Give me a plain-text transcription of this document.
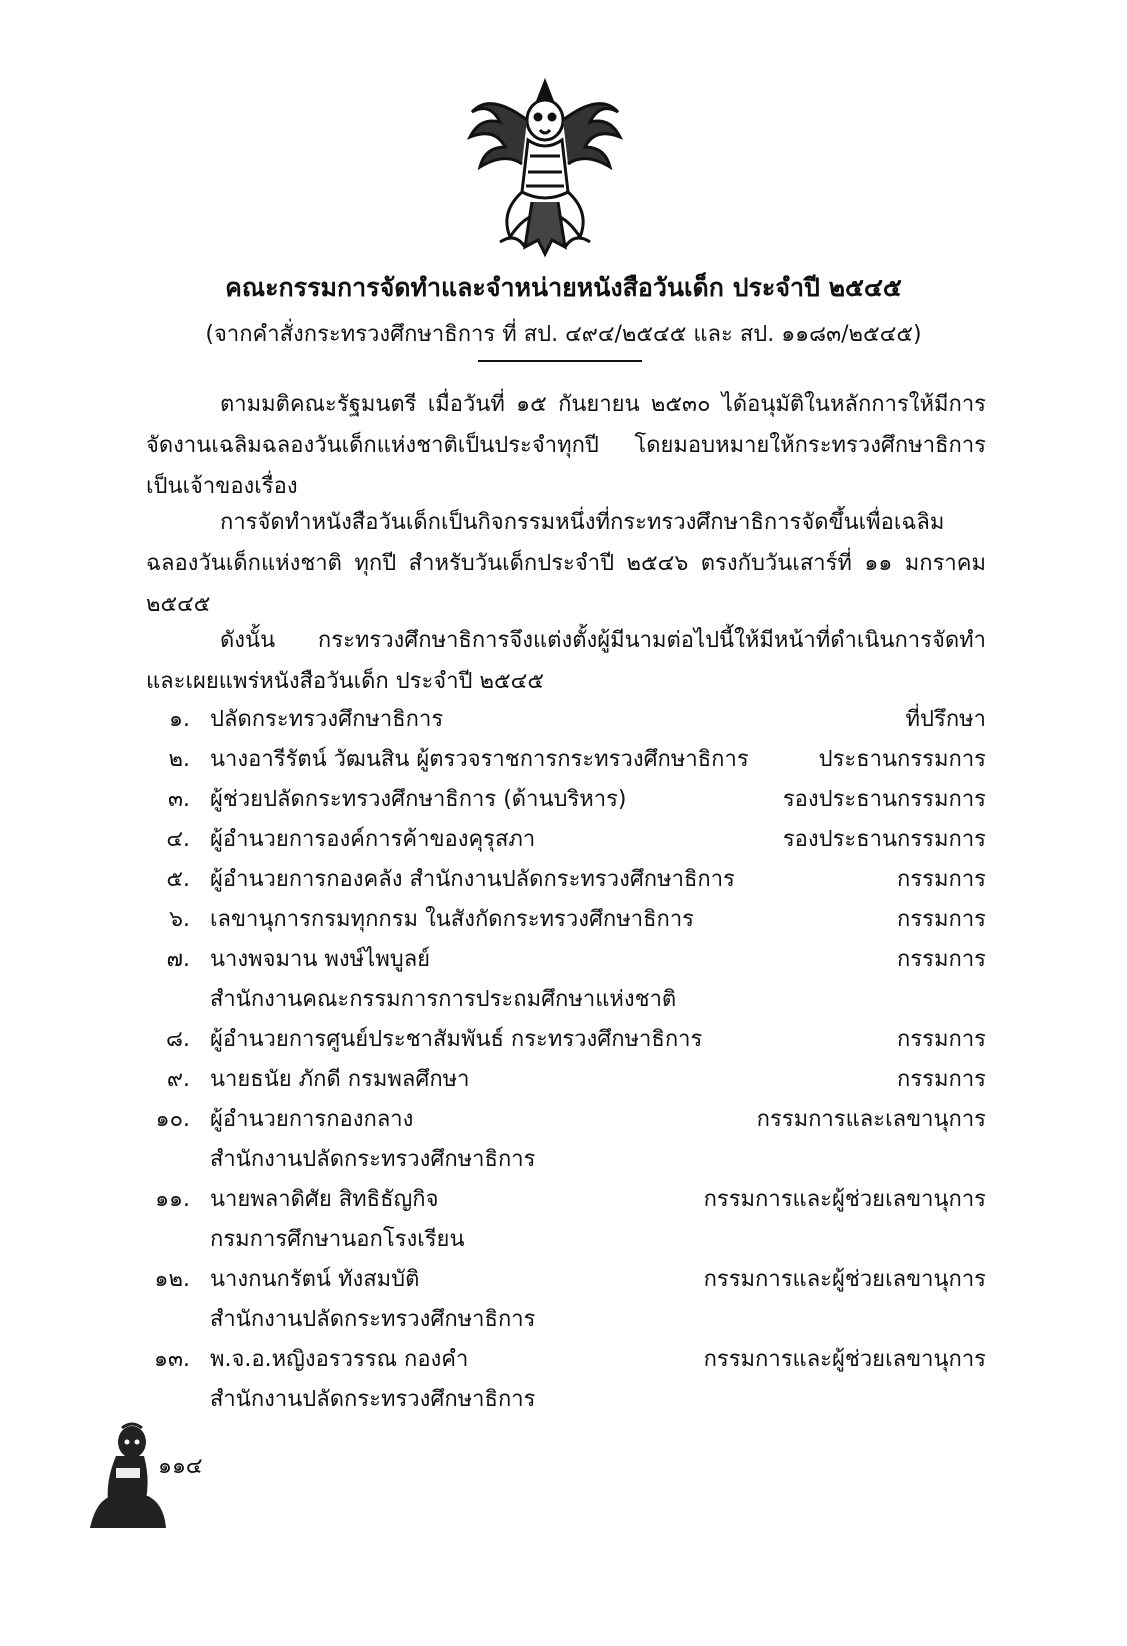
คณะกรรมการจัดทำและจำหน่ายหนังสือวันเด็ก ประจำปี ๒๕๔๕

(จากคำสั่งกระทรวงศึกษาธิการ ที่ สป. ๔๙๔/๒๕๔๕ และ สป. ๑๑๘๓/๒๕๔๕)

ตามมติคณะรัฐมนตรี เมื่อวันที่ ๑๕ กันยายน ๒๕๓๐ ได้อนุมัติในหลักการให้มีการจัดงานเฉลิมฉลองวันเด็กแห่งชาติเป็นประจำทุกปี โดยมอบหมายให้กระทรวงศึกษาธิการเป็นเจ้าของเรื่อง

การจัดทำหนังสือวันเด็กเป็นกิจกรรมหนึ่งที่กระทรวงศึกษาธิการจัดขึ้นเพื่อเฉลิมฉลองวันเด็กแห่งชาติ ทุกปี สำหรับวันเด็กประจำปี ๒๕๔๖ ตรงกับวันเสาร์ที่ ๑๑ มกราคม ๒๕๔๕

ดังนั้น กระทรวงศึกษาธิการจึงแต่งตั้งผู้มีนามต่อไปนี้ให้มีหน้าที่ดำเนินการจัดทำและเผยแพร่หนังสือวันเด็ก ประจำปี ๒๕๔๕

๑. ปลัดกระทรวงศึกษาธิการ	ที่ปรึกษา
๒. นางอารีรัตน์ วัฒนสิน ผู้ตรวจราชการกระทรวงศึกษาธิการ	ประธานกรรมการ
๓. ผู้ช่วยปลัดกระทรวงศึกษาธิการ (ด้านบริหาร)	รองประธานกรรมการ
๔. ผู้อำนวยการองค์การค้าของคุรุสภา	รองประธานกรรมการ
๕. ผู้อำนวยการกองคลัง สำนักงานปลัดกระทรวงศึกษาธิการ	กรรมการ
๖. เลขานุการกรมทุกกรม ในสังกัดกระทรวงศึกษาธิการ	กรรมการ
๗. นางพจมาน พงษ์ไพบูลย์	กรรมการ
สำนักงานคณะกรรมการการประถมศึกษาแห่งชาติ
๘. ผู้อำนวยการศูนย์ประชาสัมพันธ์ กระทรวงศึกษาธิการ	กรรมการ
๙. นายธนัย ภักดี กรมพลศึกษา	กรรมการ
๑๐. ผู้อำนวยการกองกลาง	กรรมการและเลขานุการ
สำนักงานปลัดกระทรวงศึกษาธิการ
๑๑. นายพลาดิศัย สิทธิธัญกิจ	กรรมการและผู้ช่วยเลขานุการ
กรมการศึกษานอกโรงเรียน
๑๒. นางกนกรัตน์ ทังสมบัติ	กรรมการและผู้ช่วยเลขานุการ
สำนักงานปลัดกระทรวงศึกษาธิการ
๑๓. พ.จ.อ.หญิงอรวรรณ กองคำ	กรรมการและผู้ช่วยเลขานุการ
สำนักงานปลัดกระทรวงศึกษาธิการ

๑๑๔
